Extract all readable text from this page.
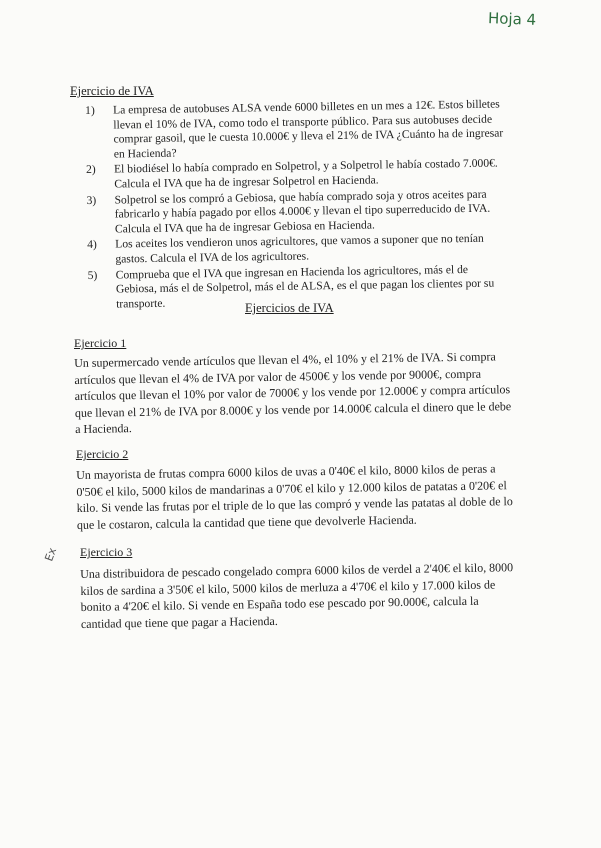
Hoja 4
Ex
Ejercicio de IVA
1)	La empresa de autobuses ALSA vende 6000 billetes en un mes a 12€. Estos billetes llevan el 10% de IVA, como todo el transporte público. Para sus autobuses decide comprar gasoil, que le cuesta 10.000€ y lleva el 21% de IVA ¿Cuánto ha de ingresar en Hacienda?
2)	El biodiésel lo había comprado en Solpetrol, y a Solpetrol le había costado 7.000€. Calcula el IVA que ha de ingresar Solpetrol en Hacienda.
3)	Solpetrol se los compró a Gebiosa, que había comprado soja y otros aceites para fabricarlo y había pagado por ellos 4.000€ y llevan el tipo superreducido de IVA. Calcula el IVA que ha de ingresar Gebiosa en Hacienda.
4)	Los aceites los vendieron unos agricultores, que vamos a suponer que no tenían gastos. Calcula el IVA de los agricultores.
5)	Comprueba que el IVA que ingresan en Hacienda los agricultores, más el de Gebiosa, más el de Solpetrol, más el de ALSA, es el que pagan los clientes por su transporte.	Ejercicios de IVA
Ejercicio 1
Un supermercado vende artículos que llevan el 4%, el 10% y el 21% de IVA. Si compra artículos que llevan el 4% de IVA por valor de 4500€ y los vende por 9000€, compra artículos que llevan el 10% por valor de 7000€ y los vende por 12.000€ y compra artículos que llevan el 21% de IVA por 8.000€ y los vende por 14.000€ calcula el dinero que le debe a Hacienda.
Ejercicio 2
Un mayorista de frutas compra 6000 kilos de uvas a 0'40€ el kilo, 8000 kilos de peras a 0'50€ el kilo, 5000 kilos de mandarinas a 0'70€ el kilo y 12.000 kilos de patatas a 0'20€ el kilo. Si vende las frutas por el triple de lo que las compró y vende las patatas al doble de lo que le costaron, calcula la cantidad que tiene que devolverle Hacienda.
Ejercicio 3
Una distribuidora de pescado congelado compra 6000 kilos de verdel a 2'40€ el kilo, 8000 kilos de sardina a 3'50€ el kilo, 5000 kilos de merluza a 4'70€ el kilo y 17.000 kilos de bonito a 4'20€ el kilo. Si vende en España todo ese pescado por 90.000€, calcula la cantidad que tiene que pagar a Hacienda.
